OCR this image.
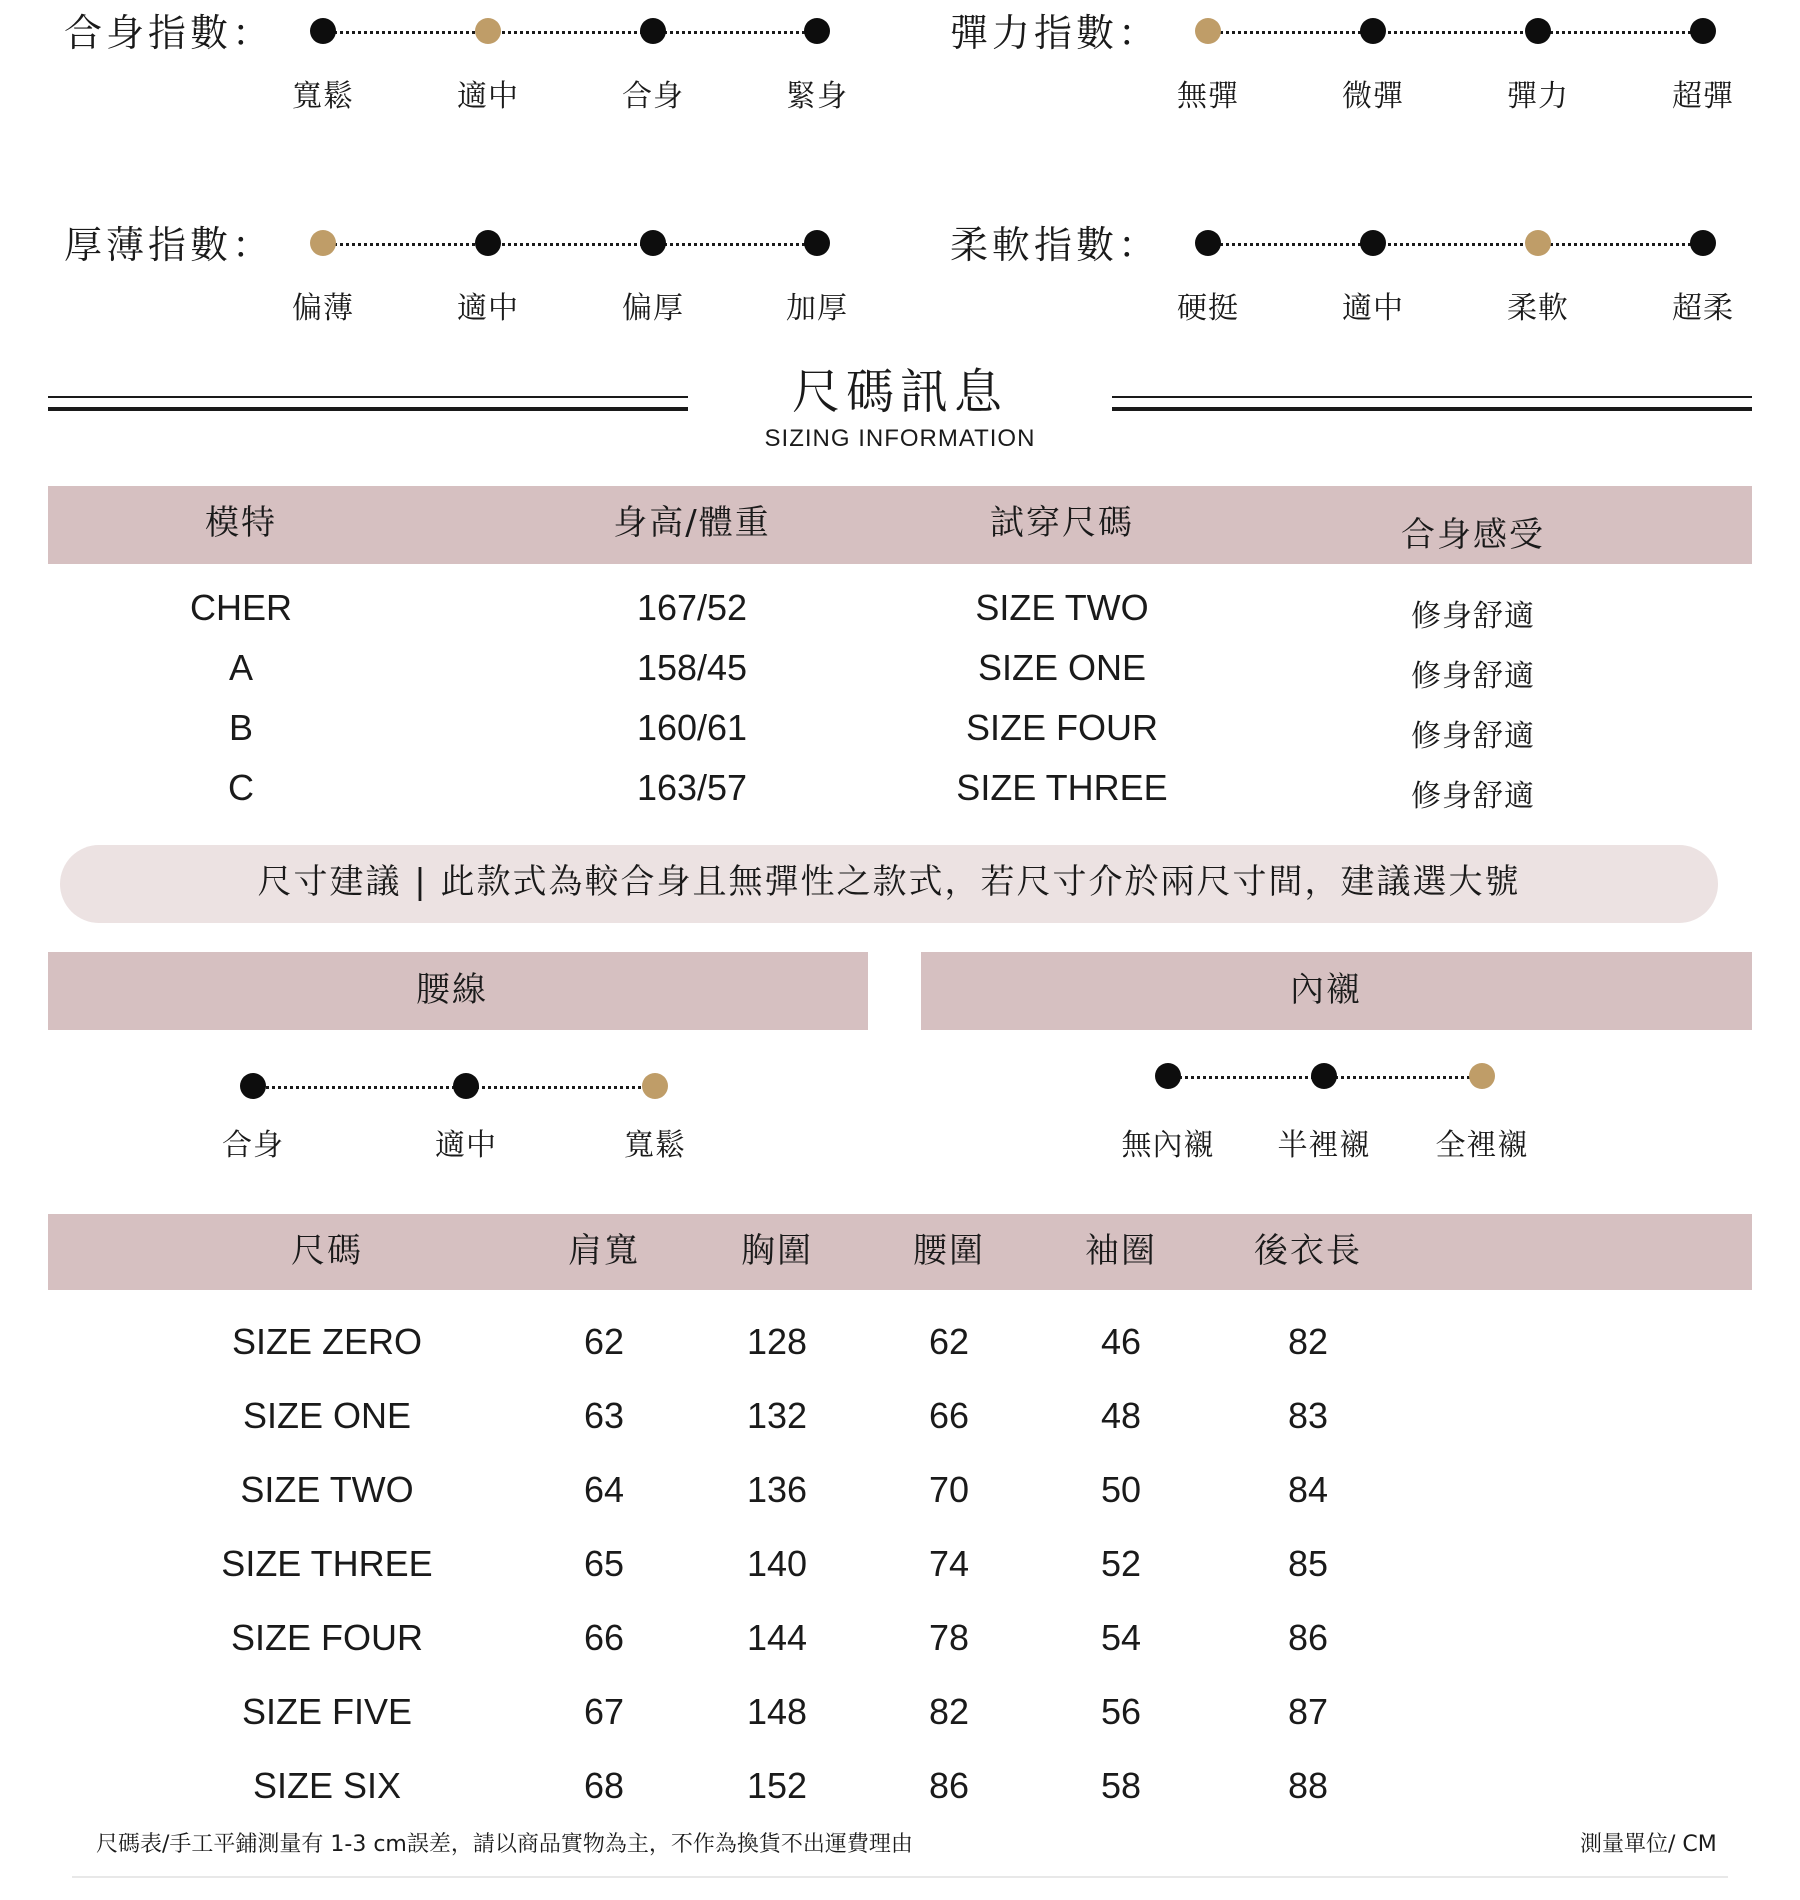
合身指數：
寬鬆	適中	合身	緊身
彈力指數：
無彈	微彈	彈力	超彈
厚薄指數：
偏薄	適中	偏厚	加厚
柔軟指數：
硬挺	適中	柔軟	超柔
尺碼訊息
SIZING INFORMATION
模特	身高/體重	試穿尺碼	合身感受
CHER	167/52	SIZE TWO	修身舒適
A	158/45	SIZE ONE	修身舒適
B	160/61	SIZE FOUR	修身舒適
C	163/57	SIZE THREE	修身舒適
尺寸建議 | 此款式為較合身且無彈性之款式，若尺寸介於兩尺寸間，建議選大號
腰線	內襯
合身	適中	寬鬆	無內襯 半裡襯 全裡襯
尺碼	肩寬	胸圍	腰圍	袖圈	後衣長
SIZE ZERO	62	128	62	46	82
SIZE ONE	63	132	66	48	83
SIZE TWO	64	136	70	50	84
SIZE THREE	65	140	74	52	85
SIZE FOUR	66	144	78	54	86
SIZE FIVE	67	148	82	56	87
SIZE SIX	68	152	86	58	88
尺碼表/手工平鋪測量有 1-3 cm誤差，請以商品實物為主，不作為換貨不出運費理由	測量單位/ CM
